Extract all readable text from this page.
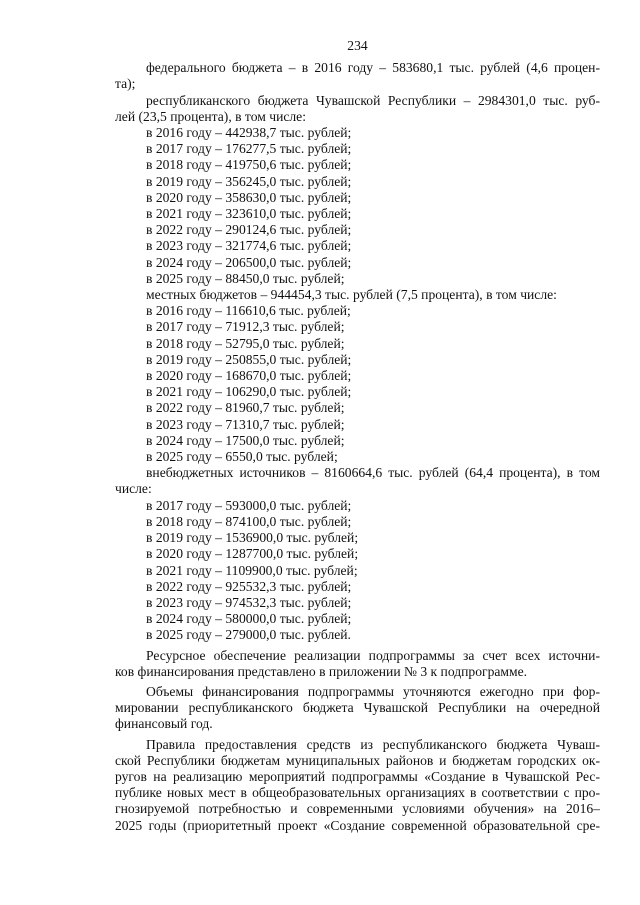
234
федерального бюджета – в 2016 году – 583680,1 тыс. рублей (4,6 процен-
та);
республиканского бюджета Чувашской Республики – 2984301,0 тыс. руб-
лей (23,5 процента), в том числе:
в 2016 году – 442938,7 тыс. рублей;
в 2017 году – 176277,5 тыс. рублей;
в 2018 году – 419750,6 тыс. рублей;
в 2019 году – 356245,0 тыс. рублей;
в 2020 году – 358630,0 тыс. рублей;
в 2021 году – 323610,0 тыс. рублей;
в 2022 году – 290124,6 тыс. рублей;
в 2023 году – 321774,6 тыс. рублей;
в 2024 году – 206500,0 тыс. рублей;
в 2025 году – 88450,0 тыс. рублей;
местных бюджетов – 944454,3 тыс. рублей (7,5 процента), в том числе:
в 2016 году – 116610,6 тыс. рублей;
в 2017 году – 71912,3 тыс. рублей;
в 2018 году – 52795,0 тыс. рублей;
в 2019 году – 250855,0 тыс. рублей;
в 2020 году – 168670,0 тыс. рублей;
в 2021 году – 106290,0 тыс. рублей;
в 2022 году – 81960,7 тыс. рублей;
в 2023 году – 71310,7 тыс. рублей;
в 2024 году – 17500,0 тыс. рублей;
в 2025 году – 6550,0 тыс. рублей;
внебюджетных источников – 8160664,6 тыс. рублей (64,4 процента), в том
числе:
в 2017 году – 593000,0 тыс. рублей;
в 2018 году – 874100,0 тыс. рублей;
в 2019 году – 1536900,0 тыс. рублей;
в 2020 году – 1287700,0 тыс. рублей;
в 2021 году – 1109900,0 тыс. рублей;
в 2022 году – 925532,3 тыс. рублей;
в 2023 году – 974532,3 тыс. рублей;
в 2024 году – 580000,0 тыс. рублей;
в 2025 году – 279000,0 тыс. рублей.
Ресурсное обеспечение реализации подпрограммы за счет всех источни-
ков финансирования представлено в приложении № 3 к подпрограмме.
Объемы финансирования подпрограммы уточняются ежегодно при фор-
мировании республиканского бюджета Чувашской Республики на очередной
финансовый год.
Правила предоставления средств из республиканского бюджета Чуваш-
ской Республики бюджетам муниципальных районов и бюджетам городских ок-
ругов на реализацию мероприятий подпрограммы «Создание в Чувашской Рес-
публике новых мест в общеобразовательных организациях в соответствии с про-
гнозируемой потребностью и современными условиями обучения» на 2016–
2025 годы (приоритетный проект «Создание современной образовательной сре-
